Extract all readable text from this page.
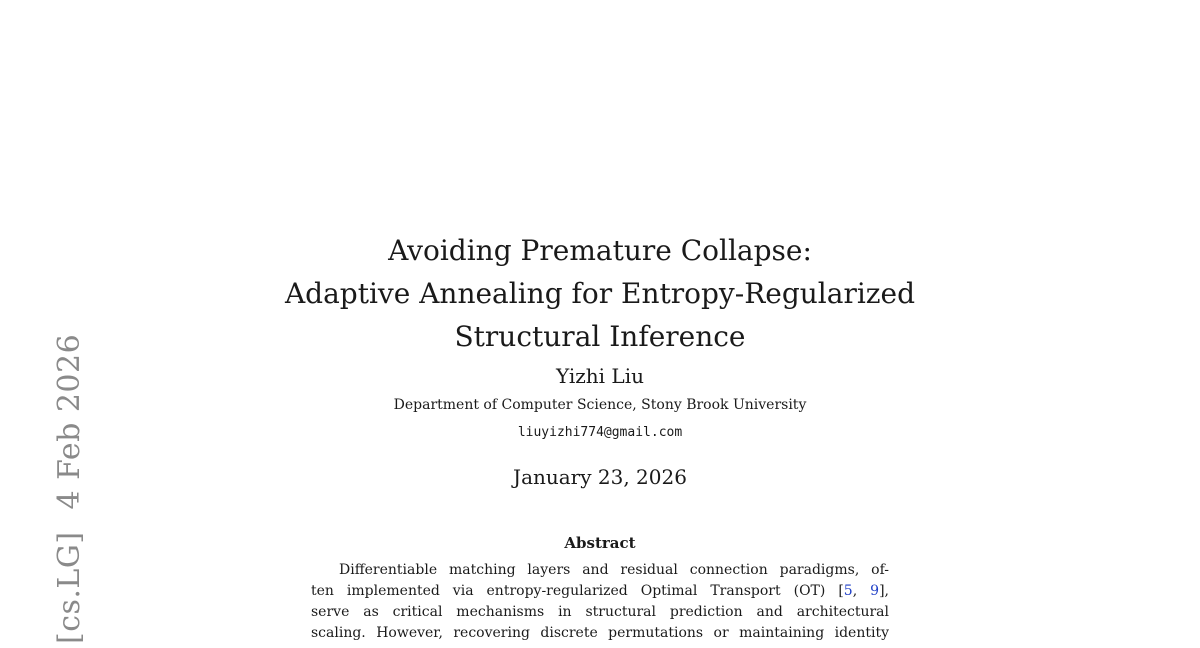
[cs.LG]4 Feb 2026
Avoiding Premature Collapse:
Adaptive Annealing for Entropy-Regularized
Structural Inference
Yizhi Liu
Department of Computer Science, Stony Brook University
liuyizhi774@gmail.com
January 23, 2026
Abstract
Differentiable matching layers and residual connection paradigms, of-
ten implemented via entropy-regularized Optimal Transport (OT) [5, 9],
serve as critical mechanisms in structural prediction and architectural
scaling. However, recovering discrete permutations or maintaining identity
